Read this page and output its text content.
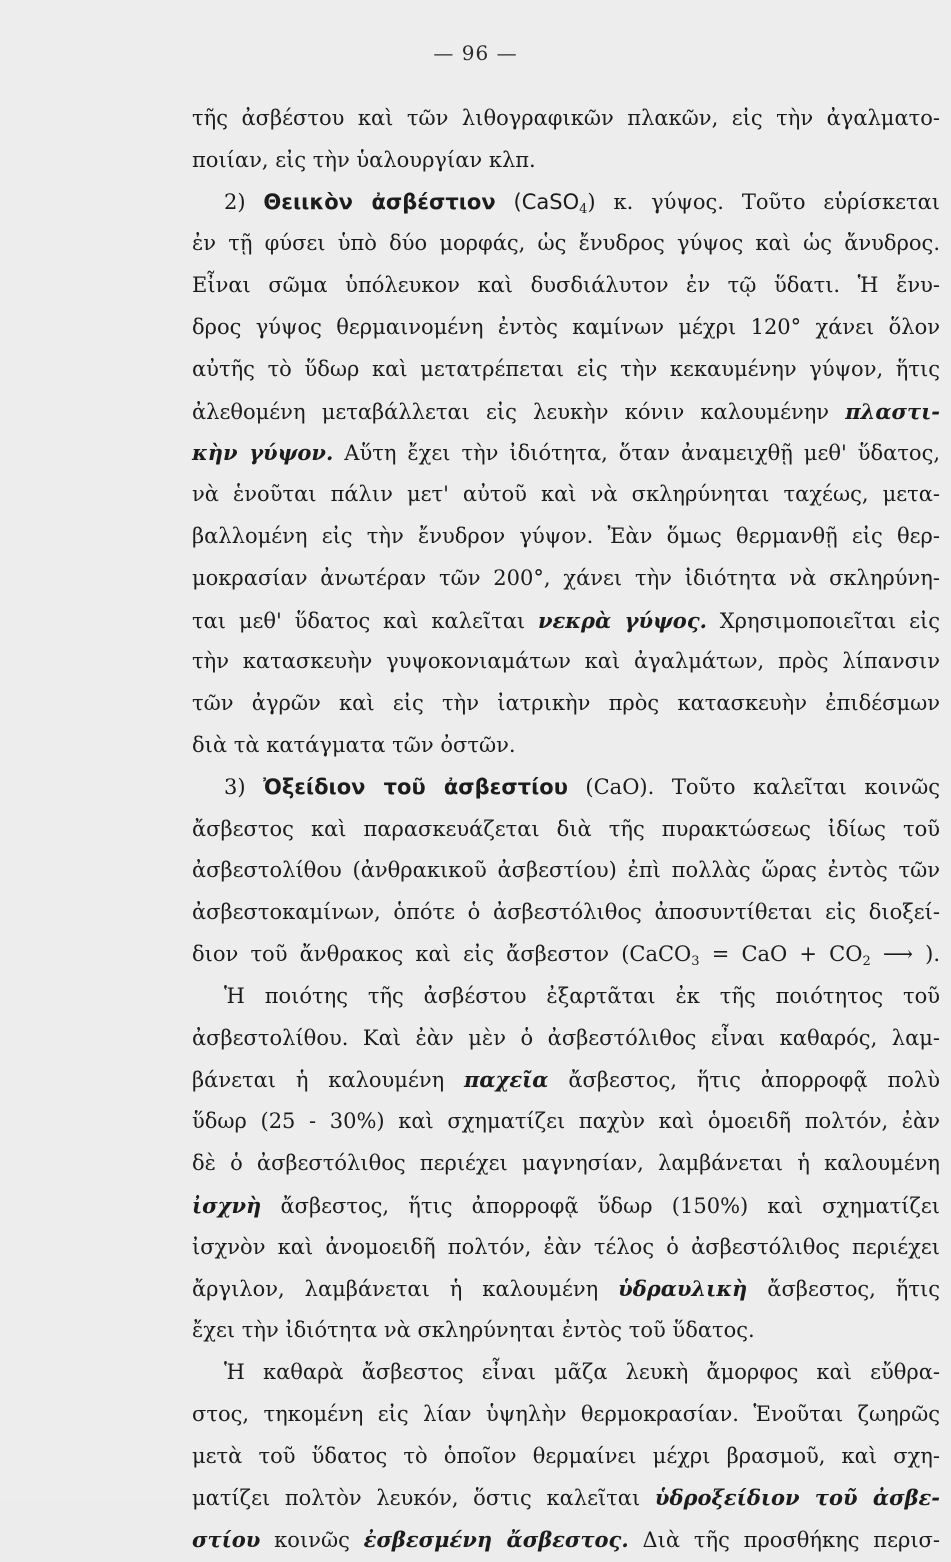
— 96 —
τῆς ἀσβέστου καὶ τῶν λιθογραφικῶν πλακῶν, εἰς τὴν ἀγαλματο-
ποιίαν, εἰς τὴν ὑαλουργίαν κλπ.
2) Θειικὸν ἀσβέστιον (CaSO$_4$) κ. γύψος. Τοῦτο εὑρίσκεται
ἐν τῇ φύσει ὑπὸ δύο μορφάς, ὡς ἔνυδρος γύψος καὶ ὡς ἄνυδρος.
Εἶναι σῶμα ὑπόλευκον καὶ δυσδιάλυτον ἐν τῷ ὕδατι. Ἡ ἔνυ-
δρος γύψος θερμαινομένη ἐντὸς καμίνων μέχρι 120° χάνει ὅλον
αὐτῆς τὸ ὕδωρ καὶ μετατρέπεται εἰς τὴν κεκαυμένην γύψον, ἥτις
ἀλεθομένη μεταβάλλεται εἰς λευκὴν κόνιν καλουμένην πλαστι-
κὴν γύψον. Αὕτη ἔχει τὴν ἰδιότητα, ὅταν ἀναμειχθῇ μεθ' ὕδατος,
νὰ ἑνοῦται πάλιν μετ' αὐτοῦ καὶ νὰ σκληρύνηται ταχέως, μετα-
βαλλομένη εἰς τὴν ἔνυδρον γύψον. Ἐὰν ὅμως θερμανθῇ εἰς θερ-
μοκρασίαν ἀνωτέραν τῶν 200°, χάνει τὴν ἰδιότητα νὰ σκληρύνη-
ται μεθ' ὕδατος καὶ καλεῖται νεκρὰ γύψος. Χρησιμοποιεῖται εἰς
τὴν κατασκευὴν γυψοκονιαμάτων καὶ ἀγαλμάτων, πρὸς λίπανσιν
τῶν ἀγρῶν καὶ εἰς τὴν ἰατρικὴν πρὸς κατασκευὴν ἐπιδέσμων
διὰ τὰ κατάγματα τῶν ὀστῶν.
3) Ὀξείδιον τοῦ ἀσβεστίου (CaO). Τοῦτο καλεῖται κοινῶς
ἄσβεστος καὶ παρασκευάζεται διὰ τῆς πυρακτώσεως ἰδίως τοῦ
ἀσβεστολίθου (ἀνθρακικοῦ ἀσβεστίου) ἐπὶ πολλὰς ὥρας ἐντὸς τῶν
ἀσβεστοκαμίνων, ὁπότε ὁ ἀσβεστόλιθος ἀποσυντίθεται εἰς διοξεί-
διον τοῦ ἄνθρακος καὶ εἰς ἄσβεστον (CaCO$_3$ = CaO + $CO_2$ ⟶ ).
Ἡ ποιότης τῆς ἀσβέστου ἐξαρτᾶται ἐκ τῆς ποιότητος τοῦ
ἀσβεστολίθου. Καὶ ἐὰν μὲν ὁ ἀσβεστόλιθος εἶναι καθαρός, λαμ-
βάνεται ἡ καλουμένη παχεῖα ἄσβεστος, ἥτις ἀπορροφᾷ πολὺ
ὕδωρ (25 - 30%) καὶ σχηματίζει παχὺν καὶ ὁμοειδῆ πολτόν, ἐὰν
δὲ ὁ ἀσβεστόλιθος περιέχει μαγνησίαν, λαμβάνεται ἡ καλουμένη
ἰσχνὴ ἄσβεστος, ἥτις ἀπορροφᾷ ὕδωρ (150%) καὶ σχηματίζει
ἰσχνὸν καὶ ἀνομοειδῆ πολτόν, ἐὰν τέλος ὁ ἀσβεστόλιθος περιέχει
ἄργιλον, λαμβάνεται ἡ καλουμένη ὑδραυλικὴ ἄσβεστος, ἥτις
ἔχει τὴν ἰδιότητα νὰ σκληρύνηται ἐντὸς τοῦ ὕδατος.
Ἡ καθαρὰ ἄσβεστος εἶναι μᾶζα λευκὴ ἄμορφος καὶ εὔθρα-
στος, τηκομένη εἰς λίαν ὑψηλὴν θερμοκρασίαν. Ἑνοῦται ζωηρῶς
μετὰ τοῦ ὕδατος τὸ ὁποῖον θερμαίνει μέχρι βρασμοῦ, καὶ σχη-
ματίζει πολτὸν λευκόν, ὅστις καλεῖται ὑδροξείδιον τοῦ ἀσβε-
στίου κοινῶς ἐσβεσμένη ἄσβεστος. Διὰ τῆς προσθήκης περισ-
